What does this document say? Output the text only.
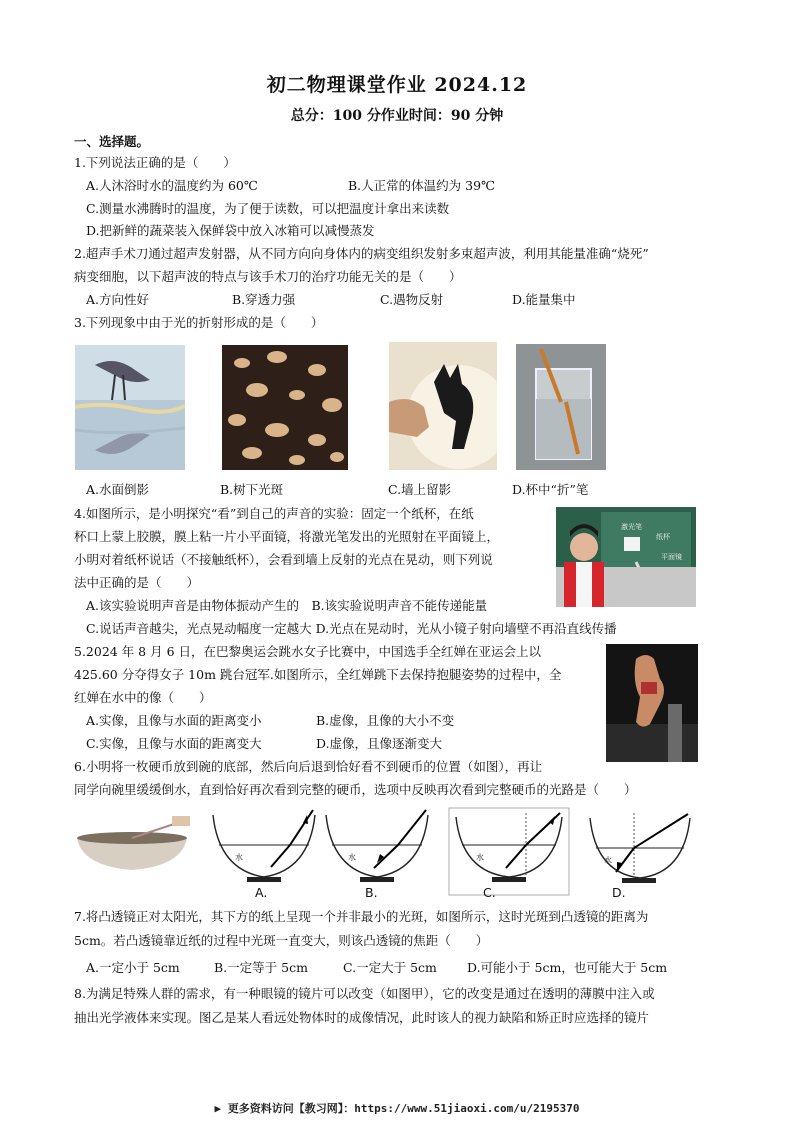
初二物理课堂作业 2024.12
总分：100 分作业时间：90 分钟
一、选择题。
1.下列说法正确的是（　　）
A.人沐浴时水的温度约为 60℃	B.人正常的体温约为 39℃
C.测量水沸腾时的温度，为了便于读数，可以把温度计拿出来读数
D.把新鲜的蔬菜装入保鲜袋中放入冰箱可以减慢蒸发
2.超声手术刀通过超声发射器，从不同方向向身体内的病变组织发射多束超声波，利用其能量准确“烧死”
病变细胞，以下超声波的特点与该手术刀的治疗功能无关的是（　　）
A.方向性好	B.穿透力强	C.遇物反射	D.能量集中
3.下列现象中由于光的折射形成的是（　　）
A.水面倒影	B.树下光斑	C.墙上留影	D.杯中“折”笔
4.如图所示，是小明探究“看”到自己的声音的实验：固定一个纸杯，在纸
杯口上蒙上胶膜，膜上粘一片小平面镜，将激光笔发出的光照射在平面镜上，
小明对着纸杯说话（不接触纸杯），会看到墙上反射的光点在晃动，则下列说
法中正确的是（　　）
激光笔
纸杯
平面镜
A.该实验说明声音是由物体振动产生的　B.该实验说明声音不能传递能量
C.说话声音越尖，光点晃动幅度一定越大 D.光点在晃动时，光从小镜子射向墙壁不再沿直线传播
5.2024 年 8 月 6 日，在巴黎奥运会跳水女子比赛中，中国选手全红婵在亚运会上以
425.60 分夺得女子 10m 跳台冠军.如图所示，全红婵跳下去保持抱腿姿势的过程中，全
红婵在水中的像（　　）
A.实像，且像与水面的距离变小	B.虚像，且像的大小不变
C.实像，且像与水面的距离变大	D.虚像，且像逐渐变大
6.小明将一枚硬币放到碗的底部，然后向后退到恰好看不到硬币的位置（如图），再让
同学向碗里缓缓倒水，直到恰好再次看到完整的硬币，选项中反映再次看到完整硬币的光路是（　　）
水
A.
水
B.
水
C.
水
D.
7.将凸透镜正对太阳光，其下方的纸上呈现一个并非最小的光斑，如图所示，这时光斑到凸透镜的距离为
5cm。若凸透镜靠近纸的过程中光斑一直变大，则该凸透镜的焦距（　　）
A.一定小于 5cm	B.一定等于 5cm	C.一定大于 5cm D.可能小于 5cm，也可能大于 5cm
8.为满足特殊人群的需求，有一种眼镜的镜片可以改变（如图甲），它的改变是通过在透明的薄膜中注入或
抽出光学液体来实现。图乙是某人看远处物体时的成像情况，此时该人的视力缺陷和矫正时应选择的镜片
▶ 更多资料访问【教习网】：https://www.51jiaoxi.com/u/2195370
